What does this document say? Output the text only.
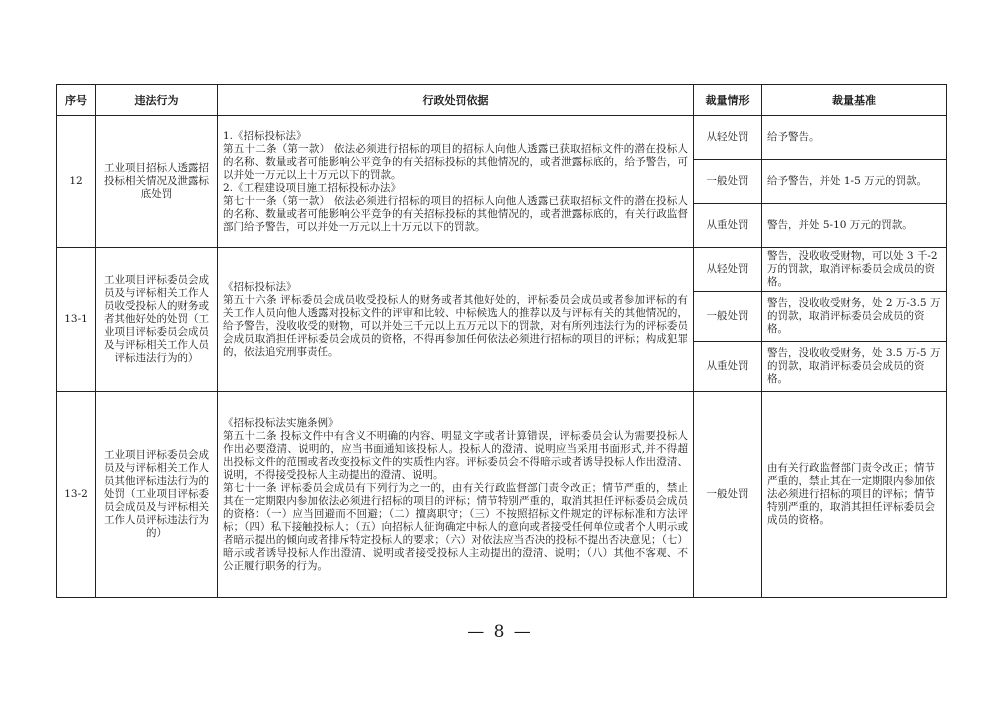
序号	违法行为	行政处罚依据	裁量情形	裁量基准
12	工业项目招标人透露招投标相关情况及泄露标底处罚	1.《招标投标法》
第五十二条（第一款） 依法必须进行招标的项目的招标人向他人透露已获取招标文件的潜在投标人的名称、数量或者可能影响公平竞争的有关招标投标的其他情况的，或者泄露标底的，给予警告，可以并处一万元以上十万元以下的罚款。
2.《工程建设项目施工招标投标办法》
第七十一条（第一款） 依法必须进行招标的项目的招标人向他人透露已获取招标文件的潜在投标人的名称、数量或者可能影响公平竞争的有关招标投标的其他情况的，或者泄露标底的，有关行政监督部门给予警告，可以并处一万元以上十万元以下的罚款。	从轻处罚	给予警告。
			一般处罚	给予警告，并处 1-5 万元的罚款。
			从重处罚	警告，并处 5-10 万元的罚款。
13-1	工业项目评标委员会成员及与评标相关工作人员收受投标人的财务或者其他好处的处罚（工业项目评标委员会成员及与评标相关工作人员评标违法行为的）	《招标投标法》
第五十六条 评标委员会成员收受投标人的财务或者其他好处的，评标委员会成员或者参加评标的有关工作人员向他人透露对投标文件的评审和比较、中标候选人的推荐以及与评标有关的其他情况的，给予警告，没收收受的财物，可以并处三千元以上五万元以下的罚款，对有所列违法行为的评标委员会成员取消担任评标委员会成员的资格，不得再参加任何依法必须进行招标的项目的评标；构成犯罪的，依法追究刑事责任。	从轻处罚	警告，没收收受财物，可以处 3 千-2 万的罚款，取消评标委员会成员的资格。
			一般处罚	警告，没收收受财务，处 2 万-3.5 万的罚款，取消评标委员会成员的资格。
			从重处罚	警告，没收收受财务，处 3.5 万-5 万的罚款，取消评标委员会成员的资格。
13-2	工业项目评标委员会成员及与评标相关工作人员其他评标违法行为的处罚（工业项目评标委员会成员及与评标相关工作人员评标违法行为的）	《招标投标法实施条例》
第五十二条 投标文件中有含义不明确的内容、明显文字或者计算错误，评标委员会认为需要投标人作出必要澄清、说明的，应当书面通知该投标人。投标人的澄清、说明应当采用书面形式,并不得超出投标文件的范围或者改变投标文件的实质性内容。评标委员会不得暗示或者诱导投标人作出澄清、说明，不得接受投标人主动提出的澄清、说明。
第七十一条 评标委员会成员有下列行为之一的，由有关行政监督部门责令改正；情节严重的，禁止其在一定期限内参加依法必须进行招标的项目的评标；情节特别严重的，取消其担任评标委员会成员的资格：（一）应当回避而不回避；（二）擅离职守；（三）不按照招标文件规定的评标标准和方法评标；（四）私下接触投标人；（五）向招标人征询确定中标人的意向或者接受任何单位或者个人明示或者暗示提出的倾向或者排斥特定投标人的要求；（六）对依法应当否决的投标不提出否决意见；（七）暗示或者诱导投标人作出澄清、说明或者接受投标人主动提出的澄清、说明；（八）其他不客观、不公正履行职务的行为。	一般处罚	由有关行政监督部门责令改正；情节严重的，禁止其在一定期限内参加依法必须进行招标的项目的评标；情节特别严重的，取消其担任评标委员会成员的资格。
— 8 —
